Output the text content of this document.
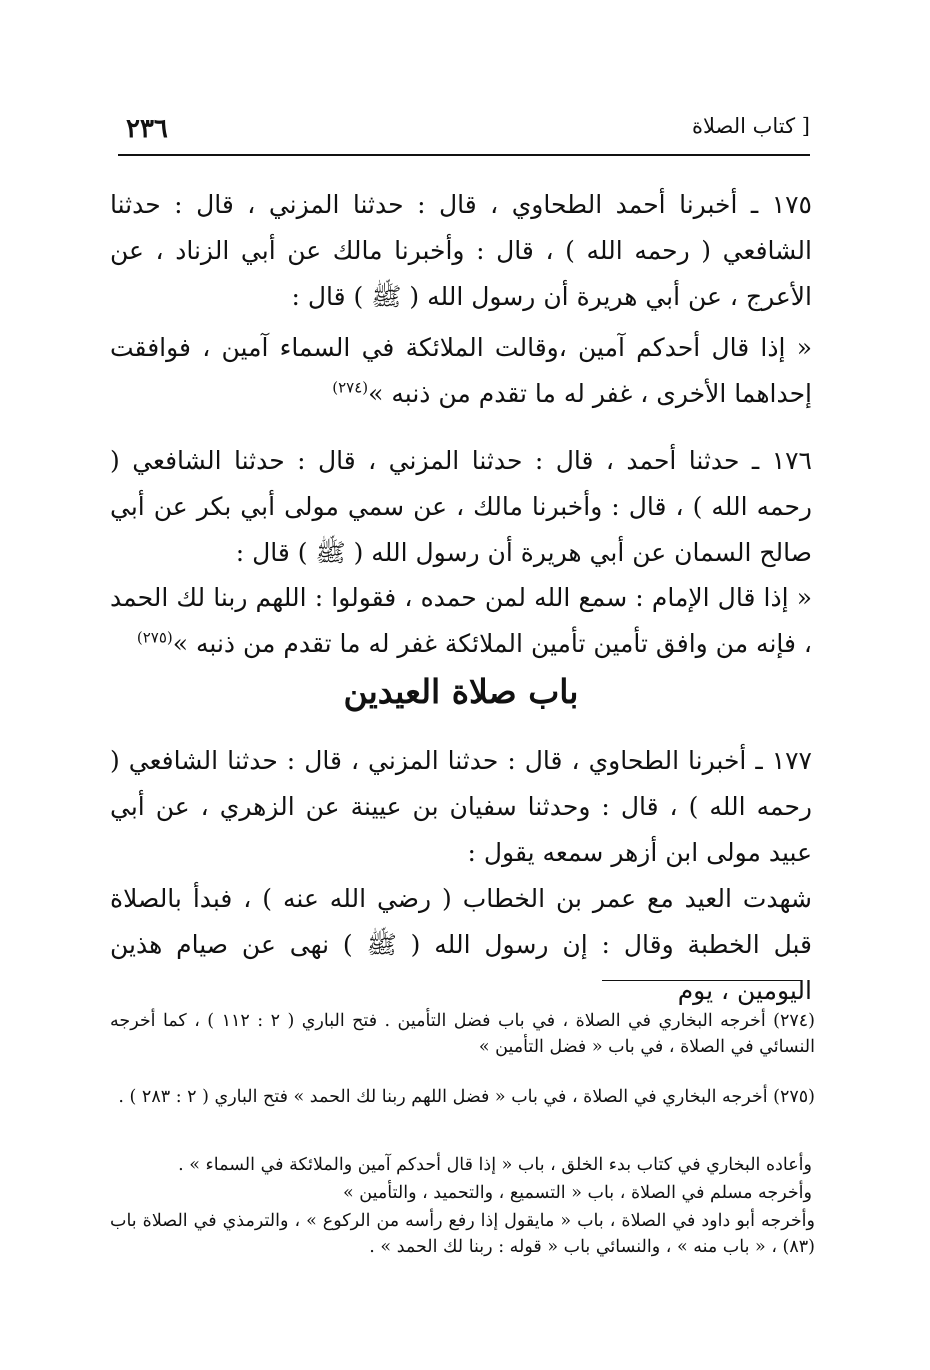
٢٣٦	[ كتاب الصلاة

١٧٥ ـ أخبرنا أحمد الطحاوي ، قال : حدثنا المزني ، قال : حدثنا الشافعي ( رحمه الله ) ، قال : وأخبرنا مالك عن أبي الزناد ، عن الأعرج ، عن أبي هريرة أن رسول الله ( ﷺ ) قال :

« إذا قال أحدكم آمين ،وقالت الملائكة في السماء آمين ، فوافقت إحداهما الأخرى ، غفر له ما تقدم من ذنبه »$^{(٢٧٤)}$

١٧٦ ـ حدثنا أحمد ، قال : حدثنا المزني ، قال : حدثنا الشافعي ( رحمه الله ) ، قال : وأخبرنا مالك ، عن سمي مولى أبي بكر عن أبي صالح السمان عن أبي هريرة أن رسول الله ( ﷺ ) قال :

« إذا قال الإمام : سمع الله لمن حمده ، فقولوا : اللهم ربنا لك الحمد ، فإنه من وافق تأمين تأمين الملائكة غفر له ما تقدم من ذنبه »$^{(٢٧٥)}$

باب صلاة العيدين

١٧٧ ـ أخبرنا الطحاوي ، قال : حدثنا المزني ، قال : حدثنا الشافعي ( رحمه الله ) ، قال : وحدثنا سفيان بن عيينة عن الزهري ، عن أبي عبيد مولى ابن أزهر سمعه يقول :

شهدت العيد مع عمر بن الخطاب ( رضي الله عنه ) ، فبدأ بالصلاة قبل الخطبة وقال : إن رسول الله ( ﷺ ) نهى عن صيام هذين اليومين ، يوم

(٢٧٤) أخرجه البخاري في الصلاة ، في باب فضل التأمين . فتح الباري ( ٢ : ١١٢ ) ، كما أخرجه النسائي في الصلاة ، في باب « فضل التأمين »

(٢٧٥) أخرجه البخاري في الصلاة ، في باب « فضل اللهم ربنا لك الحمد » فتح الباري ( ٢ : ٢٨٣ ) .

وأعاده البخاري في كتاب بدء الخلق ، باب « إذا قال أحدكم آمين والملائكة في السماء » .

وأخرجه مسلم في الصلاة ، باب « التسميع ، والتحميد ، والتأمين »

وأخرجه أبو داود في الصلاة ، باب « مايقول إذا رفع رأسه من الركوع » ، والترمذي في الصلاة باب (٨٣) ، « باب منه » ، والنسائي باب « قوله : ربنا لك الحمد » .
